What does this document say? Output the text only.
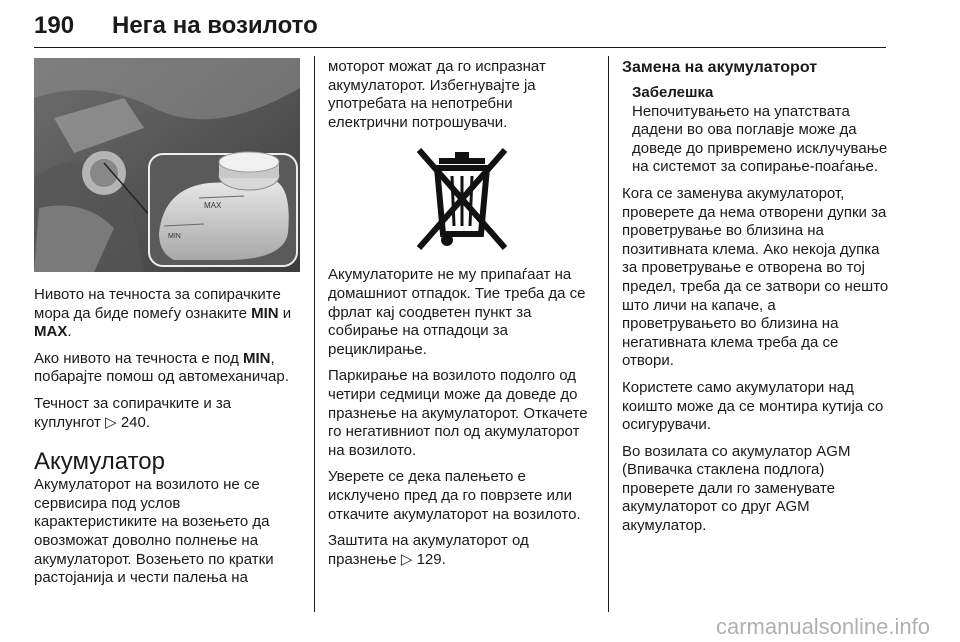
190 Нега на возилото
MAX
MIN

Нивото на течноста за сопирачките мора да биде помеѓу ознаките MIN и MAX.

Ако нивото на течноста е под MIN, побарајте помош од автомеханичар.

Течност за сопирачките и за куплунгот ▷ 240.

Акумулатор

Акумулаторот на возилото не се сервисира под услов карактеристиките на возењето да овозможат доволно полнење на акумулаторот. Возењето по кратки растојанија и чести палења на

моторот можат да го испразнат акумулаторот. Избегнувајте ја употребата на непотребни електрични потрошувачи.

Акумулаторите не му припаѓаат на домашниот отпадок. Тие треба да се фрлат кај соодветен пункт за собирање на отпадоци за рециклирање.

Паркирање на возилото подолго од четири седмици може да доведе до празнење на акумулаторот. Откачете го негативниот пол од акумулаторот на возилото.

Уверете се дека палењето е исклучено пред да го поврзете или откачите акумулаторот на возилото.

Заштита на акумулаторот од празнење ▷ 129.

Замена на акумулаторот
Забелешка
Непочитувањето на упатствата дадени во ова поглавје може да доведе до привремено исклучување на системот за сопирање-поаѓање.

Кога се заменува акумулаторот, проверете да нема отворени дупки за проветрување во близина на позитивната клема. Ако некоја дупка за проветрување е отворена во тој предел, треба да се затвори со нешто што личи на капаче, а проветрувањето во близина на негативната клема треба да се отвори.

Користете само акумулатори над коишто може да се монтира кутија со осигурувачи.

Во возилата со акумулатор AGM (Впивачка стаклена подлога) проверете дали го заменувате акумулаторот со друг AGM акумулатор.

carmanualsonline.info
